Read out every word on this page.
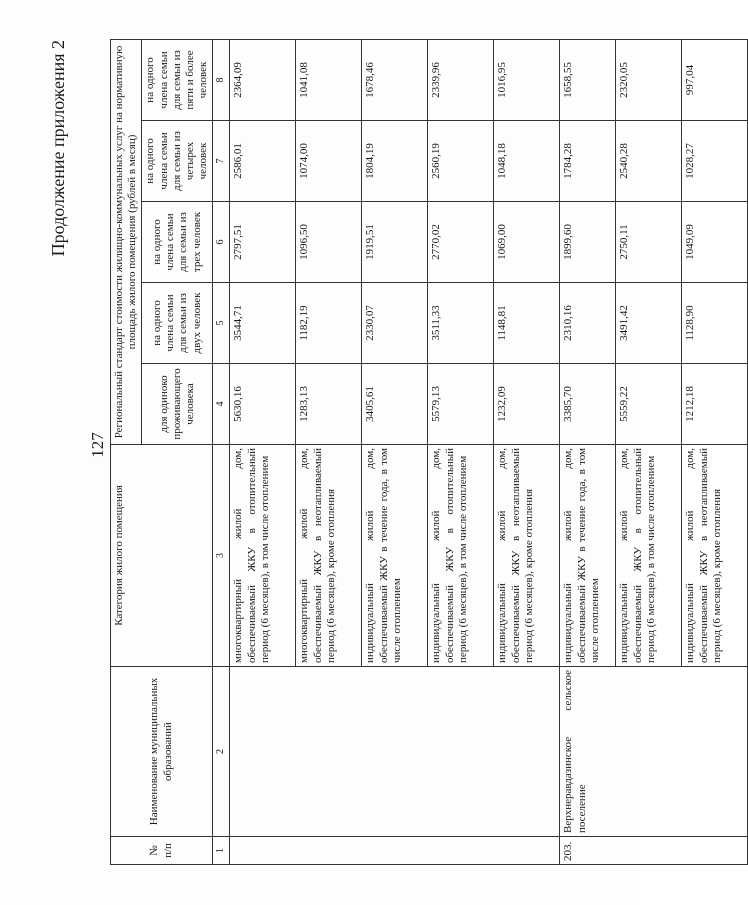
127
Продолжение приложения 2
№ п/п	Наименование муниципальных образований	Категория жилого помещения	Региональный стандарт стоимости жилищно-коммунальных услуг на нормативную площадь жилого помещения (рублей в месяц)				
			для одиноко проживающего человека	на одного члена семьи для семьи из двух человек	на одного члена семьи для семьи из трех человек	на одного члена семьи для семьи из четырех человек	на одного члена семьи для семьи из пяти и более человек
1	2	3	4	5	6	7	8
		многоквартирный жилой дом, обеспечиваемый ЖКУ в отопительный период (6 месяцев), в том числе отоплением	5630,16	3544,71	2797,51	2586,01	2364,09
		многоквартирный жилой дом, обеспечиваемый ЖКУ в неотапливаемый период (6 месяцев), кроме отопления	1283,13	1182,19	1096,50	1074,00	1041,08
		индивидуальный жилой дом, обеспечиваемый ЖКУ в течение года, в том числе отоплением	3405,61	2330,07	1919,51	1804,19	1678,46
		индивидуальный жилой дом, обеспечиваемый ЖКУ в отопительный период (6 месяцев), в том числе отоплением	5579,13	3511,33	2770,02	2560,19	2339,96
		индивидуальный жилой дом, обеспечиваемый ЖКУ в неотапливаемый период (6 месяцев), кроме отопления	1232,09	1148,81	1069,00	1048,18	1016,95
203.	Верхнеравдазинское сельское поселение	индивидуальный жилой дом, обеспечиваемый ЖКУ в течение года, в том числе отоплением	3385,70	2310,16	1899,60	1784,28	1658,55
		индивидуальный жилой дом, обеспечиваемый ЖКУ в отопительный период (6 месяцев), в том числе отоплением	5559,22	3491,42	2750,11	2540,28	2320,05
		индивидуальный жилой дом, обеспечиваемый ЖКУ в неотапливаемый период (6 месяцев), кроме отопления	1212,18	1128,90	1049,09	1028,27	997,04
